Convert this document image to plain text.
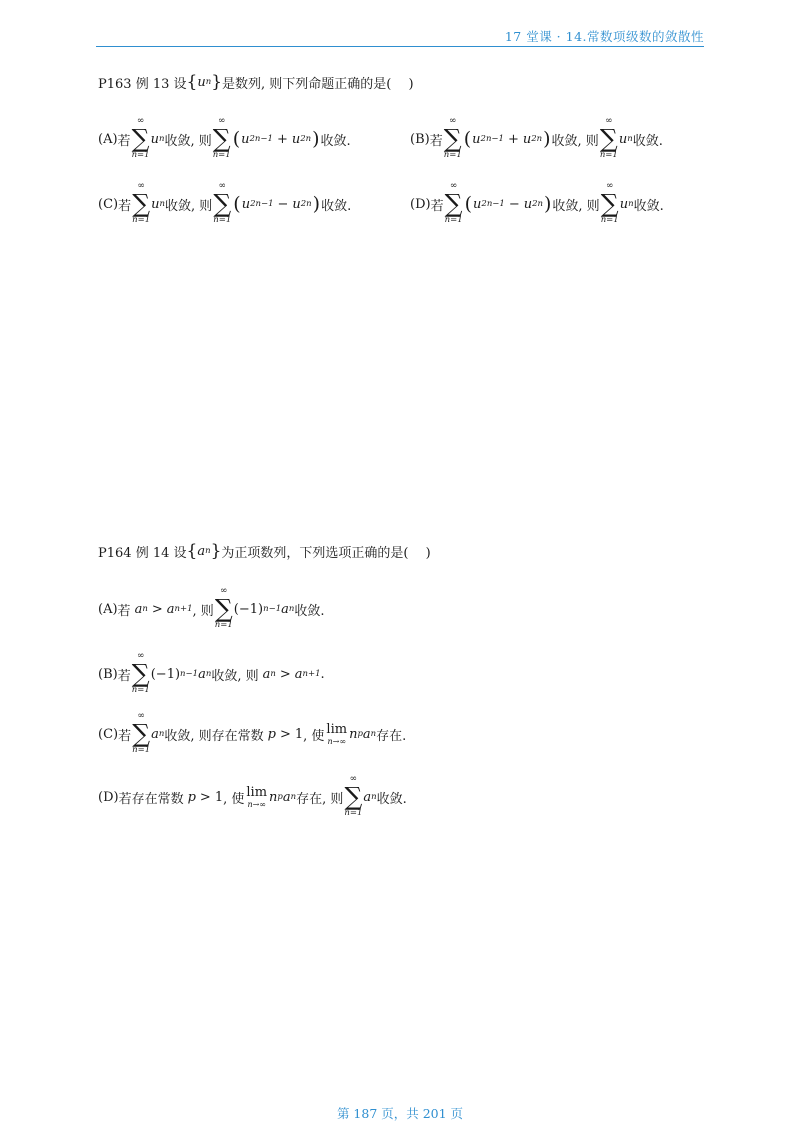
17 堂课 · 14.常数项级数的敛散性
P163 例 13 设 { u n } 是数列, 则下列命题正确的是(　 )
(A) 若
∞
∑
n=1
u n 收敛, 则
∞
∑
n=1
( u 2n−1 + u 2n ) 收敛.	(B) 若
∞
∑
n=1
( u 2n−1 + u 2n ) 收敛, 则
∞
∑
n=1
u n 收敛.
(C) 若
∞
∑
n=1
u n 收敛, 则
∞
∑
n=1
( u 2n−1 − u 2n ) 收敛.	(D) 若
∞
∑
n=1
( u 2n−1 − u 2n ) 收敛, 则
∞
∑
n=1
u n 收敛.
P164 例 14 设 { a n } 为正项数列，下列选项正确的是(　 )
(A) 若 a n > a n+1 , 则
∞
∑
n=1
(−1) n−1 a n 收敛.
(B) 若
∞
∑
n=1
(−1) n−1 a n 收敛, 则 a n > a n+1 .
(C) 若
∞
∑
n=1
a n 收敛, 则存在常数 p > 1 , 使 lim
n→∞ n p a n 存在.
(D) 若存在常数 p > 1 , 使 lim
n→∞ n p a n 存在, 则
∞
∑
n=1
a n 收敛.
第 187 页，共 201 页
